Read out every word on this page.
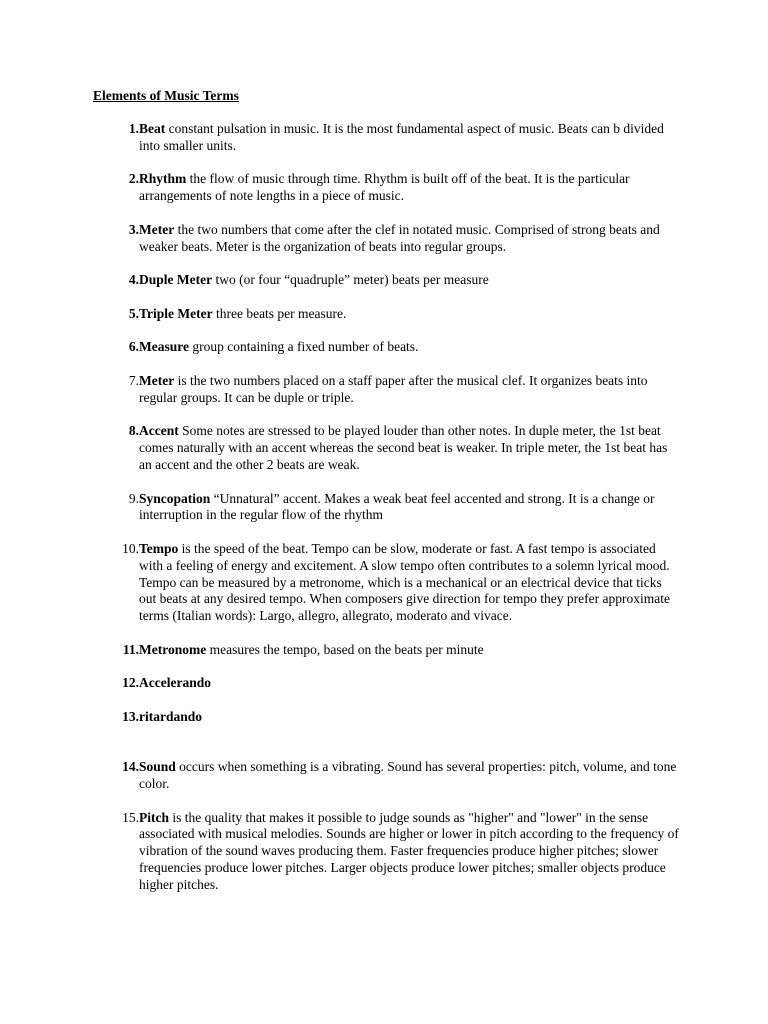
Elements of Music Terms
1. Beat constant pulsation in music. It is the most fundamental aspect of music. Beats can b divided into smaller units.
2. Rhythm the flow of music through time. Rhythm is built off of the beat. It is the particular arrangements of note lengths in a piece of music.
3. Meter the two numbers that come after the clef in notated music. Comprised of strong beats and weaker beats. Meter is the organization of beats into regular groups.
4. Duple Meter two (or four “quadruple” meter) beats per measure
5. Triple Meter three beats per measure.
6. Measure group containing a fixed number of beats.
7. Meter is the two numbers placed on a staff paper after the musical clef. It organizes beats into regular groups. It can be duple or triple.
8. Accent Some notes are stressed to be played louder than other notes. In duple meter, the 1st beat comes naturally with an accent whereas the second beat is weaker. In triple meter, the 1st beat has an accent and the other 2 beats are weak.
9. Syncopation “Unnatural” accent. Makes a weak beat feel accented and strong. It is a change or interruption in the regular flow of the rhythm
10. Tempo is the speed of the beat. Tempo can be slow, moderate or fast. A fast tempo is associated with a feeling of energy and excitement. A slow tempo often contributes to a solemn lyrical mood.
Tempo can be measured by a metronome, which is a mechanical or an electrical device that ticks out beats at any desired tempo. When composers give direction for tempo they prefer approximate terms (Italian words): Largo, allegro, allegrato, moderato and vivace.
11. Metronome measures the tempo, based on the beats per minute
12. Accelerando
13. ritardando
14. Sound occurs when something is a vibrating. Sound has several properties: pitch, volume, and tone color.
15. Pitch is the quality that makes it possible to judge sounds as "higher" and "lower" in the sense associated with musical melodies. Sounds are higher or lower in pitch according to the frequency of vibration of the sound waves producing them. Faster frequencies produce higher pitches; slower frequencies produce lower pitches. Larger objects produce lower pitches; smaller objects produce higher pitches.
